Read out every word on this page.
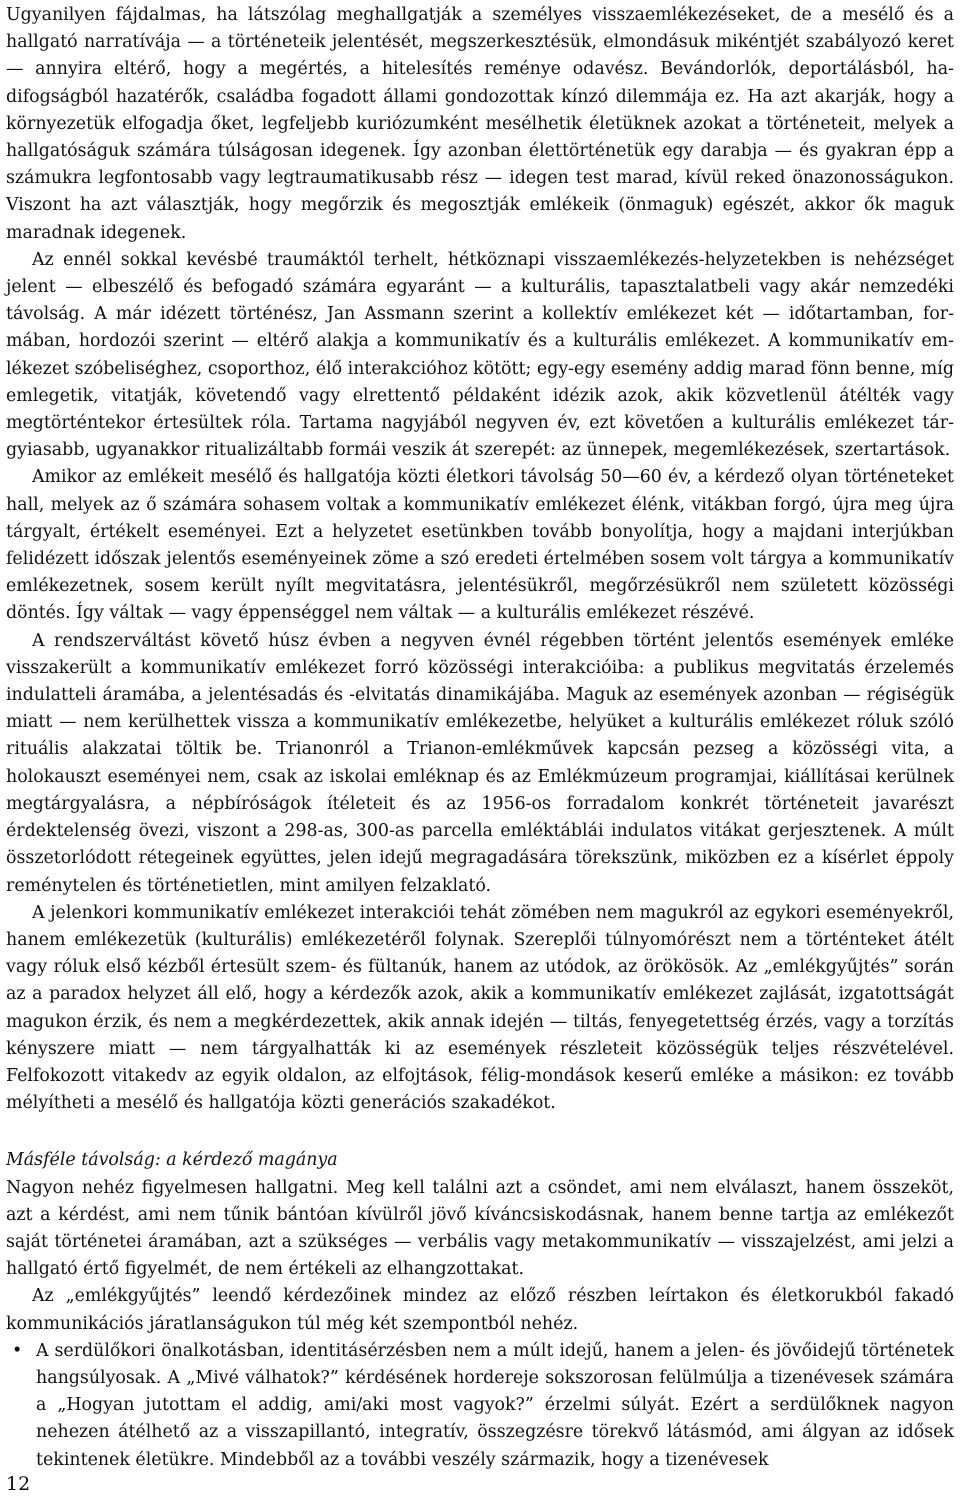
Ugyanilyen fájdalmas, ha látszólag meghallgatják a személyes visszaemlékezéseket, de a mesélő és a hallgató narratívája — a történeteik jelentését, megszerkesztésük, elmondásuk mikéntjét szabályozó keret — annyira eltérő, hogy a megértés, a hitelesítés reménye odavész. Bevándorlók, deportálásból, hadifogságból hazatérők, családba fogadott állami gondozottak kínzó dilemmája ez. Ha azt akarják, hogy a környezetük elfogadja őket, legfeljebb kuriózumként mesélhetik életüknek azokat a történeteit, melyek a hallgatóságuk számára túlságosan idegenek. Így azonban élettörténetük egy darabja — és gyakran épp a számukra legfontosabb vagy legtraumatikusabb rész — idegen test marad, kívül reked önazonosságukon. Viszont ha azt választják, hogy megőrzik és megosztják emlékeik (önmaguk) egészét, akkor ők maguk maradnak idegenek.

Az ennél sokkal kevésbé traumáktól terhelt, hétköznapi visszaemlékezés-helyzetekben is nehézséget jelent — elbeszélő és befogadó számára egyaránt — a kulturális, tapasztalatbeli vagy akár nemzedéki távolság. A már idézett történész, Jan Assmann szerint a kollektív emlékezet két — időtartamban, formában, hordozói szerint — eltérő alakja a kommunikatív és a kulturális emlékezet. A kommunikatív emlékezet szóbeliséghez, csoporthoz, élő interakcióhoz kötött; egy-egy esemény addig marad fönn benne, míg emlegetik, vitatják, követendő vagy elrettentő példaként idézik azok, akik közvetlenül átélték vagy megtörténtekor értesültek róla. Tartama nagyjából negyven év, ezt követően a kulturális emlékezet tárgyiasabb, ugyanakkor ritualizáltabb formái veszik át szerepét: az ünnepek, megemlékezések, szertartások.

Amikor az emlékeit mesélő és hallgatója közti életkori távolság 50—60 év, a kérdező olyan történeteket hall, melyek az ő számára sohasem voltak a kommunikatív emlékezet élénk, vitákban forgó, újra meg újra tárgyalt, értékelt eseményei. Ezt a helyzetet esetünkben tovább bonyolítja, hogy a majdani interjúkban felidézett időszak jelentős eseményeinek zöme a szó eredeti értelmében sosem volt tárgya a kommunikatív emlékezetnek, sosem került nyílt megvitatásra, jelentésükről, megőrzésükről nem született közösségi döntés. Így váltak — vagy éppenséggel nem váltak — a kulturális emlékezet részévé.

A rendszerváltást követő húsz évben a negyven évnél régebben történt jelentős események emléke visszakerült a kommunikatív emlékezet forró közösségi interakcióiba: a publikus megvitatás érzelemés indulatteli áramába, a jelentésadás és -elvitatás dinamikájába. Maguk az események azonban — régiségük miatt — nem kerülhettek vissza a kommunikatív emlékezetbe, helyüket a kulturális emlékezet róluk szóló rituális alakzatai töltik be. Trianonról a Trianon-emlékművek kapcsán pezseg a közösségi vita, a holokauszt eseményei nem, csak az iskolai emléknap és az Emlékmúzeum programjai, kiállításai kerülnek megtárgyalásra, a népbíróságok ítéleteit és az 1956-os forradalom konkrét történeteit javarészt érdektelenség övezi, viszont a 298-as, 300-as parcella emléktáblái indulatos vitákat gerjesztenek. A múlt összetorlódott rétegeinek együttes, jelen idejű megragadására törekszünk, miközben ez a kísérlet éppoly reménytelen és történetietlen, mint amilyen felzaklató.

A jelenkori kommunikatív emlékezet interakciói tehát zömében nem magukról az egykori eseményekről, hanem emlékezetük (kulturális) emlékezetéről folynak. Szereplői túlnyomórészt nem a történteket átélt vagy róluk első kézből értesült szem- és fültanúk, hanem az utódok, az örökösök. Az „emlékgyűjtés” során az a paradox helyzet áll elő, hogy a kérdezők azok, akik a kommunikatív emlékezet zajlását, izgatottságát magukon érzik, és nem a megkérdezettek, akik annak idején — tiltás, fenyegetettség érzés, vagy a torzítás kényszere miatt — nem tárgyalhatták ki az események részleteit közösségük teljes részvételével. Felfokozott vitakedv az egyik oldalon, az elfojtások, félig-mondások keserű emléke a másikon: ez tovább mélyítheti a mesélő és hallgatója közti generációs szakadékot.

Másféle távolság: a kérdező magánya

Nagyon nehéz figyelmesen hallgatni. Meg kell találni azt a csöndet, ami nem elválaszt, hanem összeköt, azt a kérdést, ami nem tűnik bántóan kívülről jövő kíváncsiskodásnak, hanem benne tartja az emlékezőt saját történetei áramában, azt a szükséges — verbális vagy metakommunikatív — visszajelzést, ami jelzi a hallgató értő figyelmét, de nem értékeli az elhangzottakat.

Az „emlékgyűjtés” leendő kérdezőinek mindez az előző részben leírtakon és életkorukból fakadó kommunikációs járatlanságukon túl még két szempontból nehéz.

• A serdülőkori önalkotásban, identitásérzésben nem a múlt idejű, hanem a jelen- és jövőidejű történetek hangsúlyosak. A „Mivé válhatok?” kérdésének hordereje sokszorosan felülmúlja a tizenévesek számára a „Hogyan jutottam el addig, ami/aki most vagyok?” érzelmi súlyát. Ezért a serdülőknek nagyon nehezen átélhető az a visszapillantó, integratív, összegzésre törekvő látásmód, ami álgyan az idősek tekintenek életükre. Mindebből az a további veszély származik, hogy a tizenévesek
12
